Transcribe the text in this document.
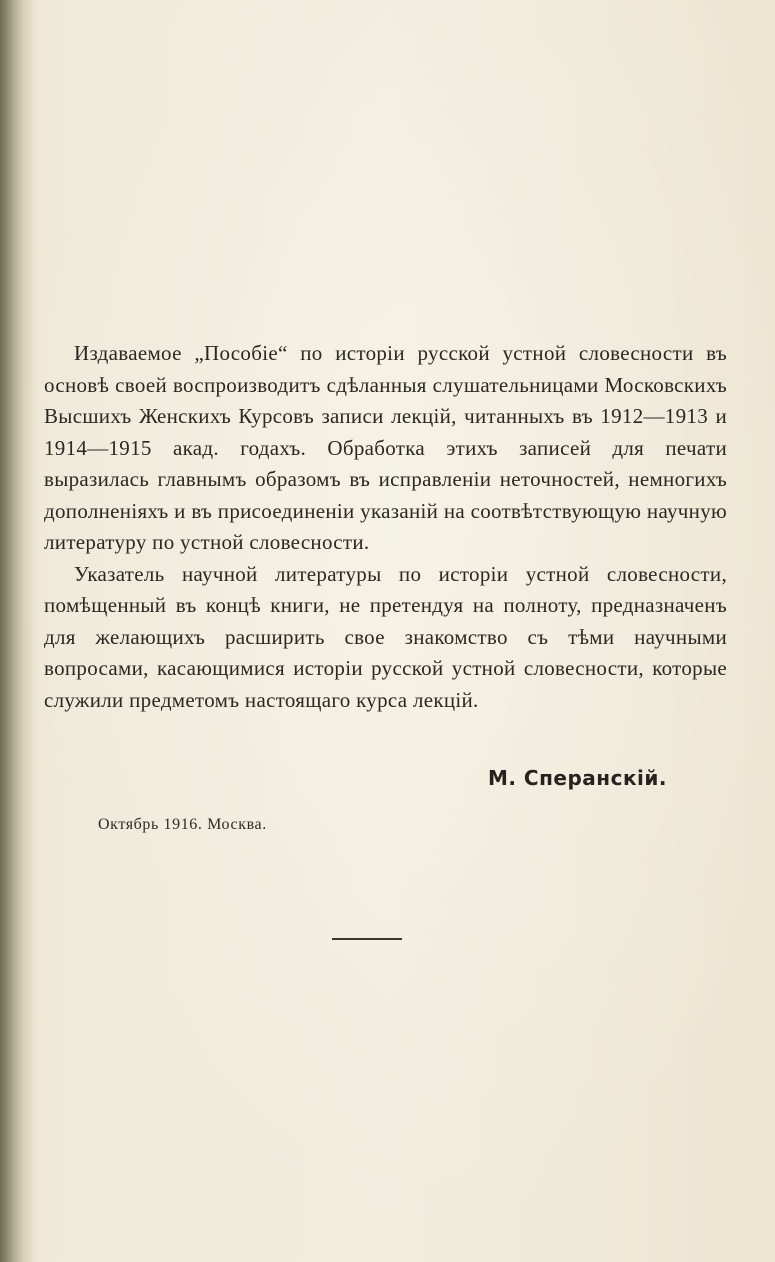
Издаваемое „Пособіе“ по исторіи русской устной словесности въ основѣ своей воспроизводитъ сдѣланныя слушательницами Московскихъ Высшихъ Женскихъ Курсовъ записи лекцій, читанныхъ въ 1912—1913 и 1914—1915 акад. годахъ. Обработка этихъ записей для печати выразилась главнымъ образомъ въ исправленіи неточностей, немногихъ дополненіяхъ и въ присоединеніи указаній на соотвѣтствующую научную литературу по устной словесности.

Указатель научной литературы по исторіи устной словесности, помѣщенный въ концѣ книги, не претендуя на полноту, предназначенъ для желающихъ расширить свое знакомство съ тѣми научными вопросами, касающимися исторіи русской устной словесности, которые служили предметомъ настоящаго курса лекцій.

М. Сперанскій.
Октябрь 1916. Москва.
